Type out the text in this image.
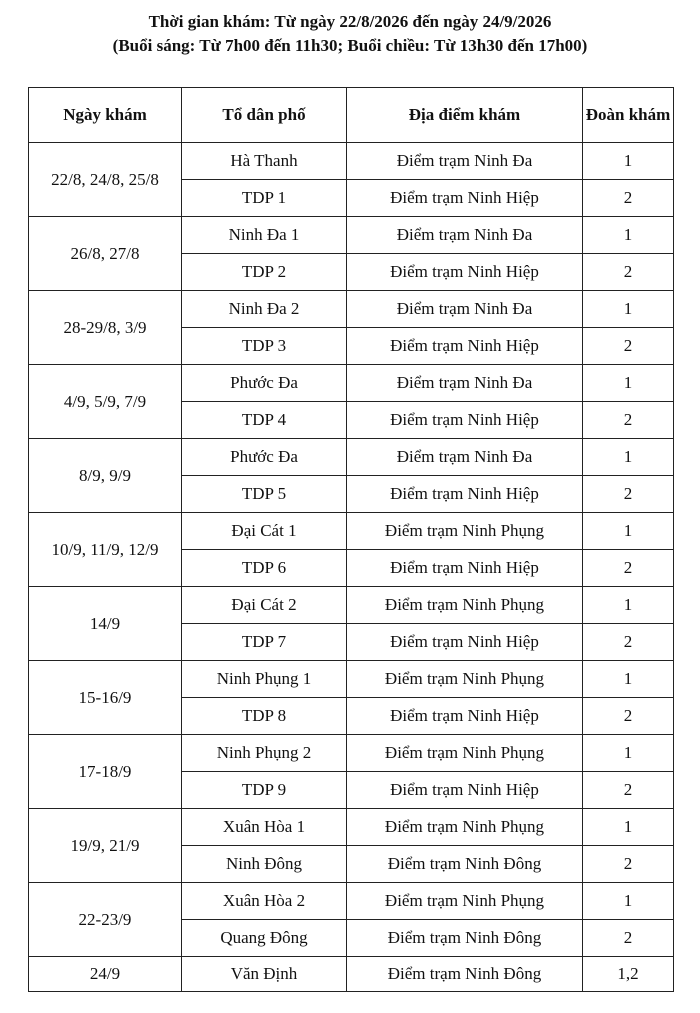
Thời gian khám: Từ ngày 22/8/2026 đến ngày 24/9/2026
(Buổi sáng: Từ 7h00 đến 11h30; Buổi chiều: Từ 13h30 đến 17h00)
Ngày khám	Tổ dân phố	Địa điểm khám	Đoàn khám
22/8, 24/8, 25/8	Hà Thanh	Điểm trạm Ninh Đa	1
	TDP 1	Điểm trạm Ninh Hiệp	2
26/8, 27/8	Ninh Đa 1	Điểm trạm Ninh Đa	1
	TDP 2	Điểm trạm Ninh Hiệp	2
28-29/8, 3/9	Ninh Đa 2	Điểm trạm Ninh Đa	1
	TDP 3	Điểm trạm Ninh Hiệp	2
4/9, 5/9, 7/9	Phước Đa	Điểm trạm Ninh Đa	1
	TDP 4	Điểm trạm Ninh Hiệp	2
8/9, 9/9	Phước Đa	Điểm trạm Ninh Đa	1
	TDP 5	Điểm trạm Ninh Hiệp	2
10/9, 11/9, 12/9	Đại Cát 1	Điểm trạm Ninh Phụng	1
	TDP 6	Điểm trạm Ninh Hiệp	2
14/9	Đại Cát 2	Điểm trạm Ninh Phụng	1
	TDP 7	Điểm trạm Ninh Hiệp	2
15-16/9	Ninh Phụng 1	Điểm trạm Ninh Phụng	1
	TDP 8	Điểm trạm Ninh Hiệp	2
17-18/9	Ninh Phụng 2	Điểm trạm Ninh Phụng	1
	TDP 9	Điểm trạm Ninh Hiệp	2
19/9, 21/9	Xuân Hòa 1	Điểm trạm Ninh Phụng	1
	Ninh Đông	Điểm trạm Ninh Đông	2
22-23/9	Xuân Hòa 2	Điểm trạm Ninh Phụng	1
	Quang Đông	Điểm trạm Ninh Đông	2
24/9	Văn Định	Điểm trạm Ninh Đông	1,2
